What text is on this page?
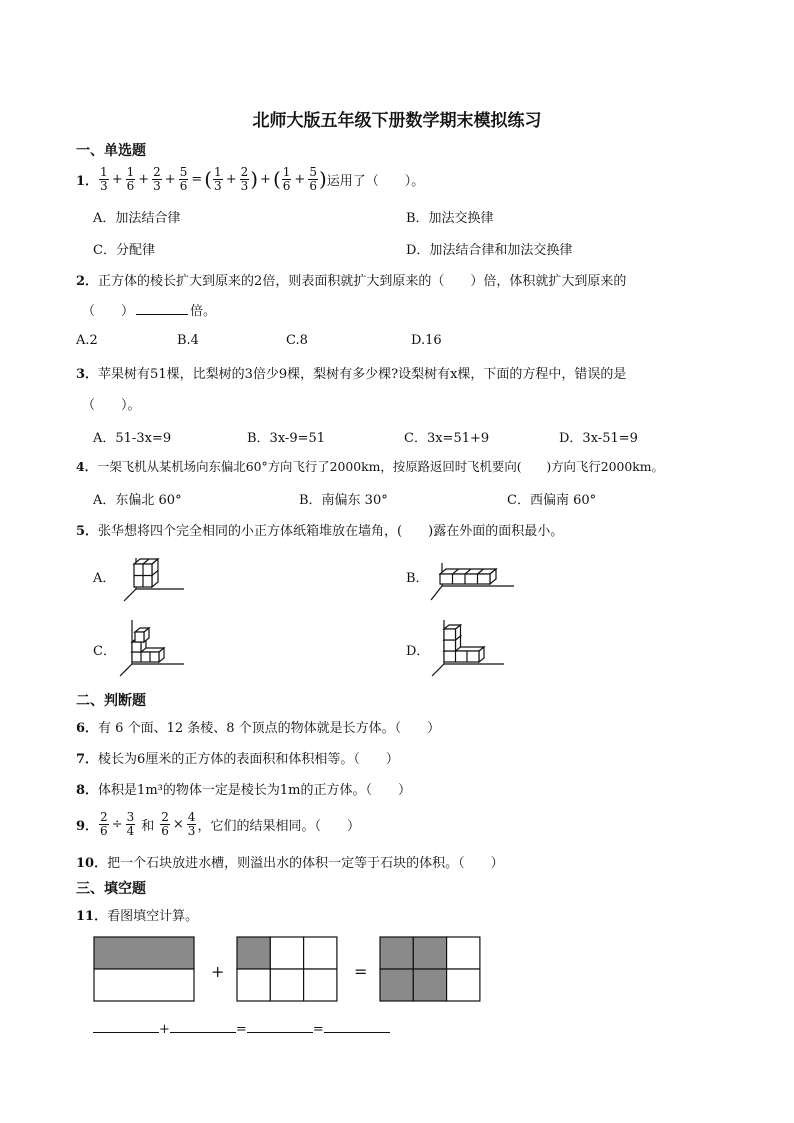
北师大版五年级下册数学期末模拟练习
一、单选题
1． $\frac{1}{3} + \frac{1}{6} + \frac{2}{3} + \frac{5}{6}$ = ( $\frac{1}{3} + \frac{2}{3}$ ) + ( $\frac{1}{6} + \frac{5}{6}$ ) 运用了（　　）。
A．加法结合律	B．加法交换律
C．分配律	D．加法结合律和加法交换律
2．正方体的棱长扩大到原来的2倍，则表面积就扩大到原来的（　　）倍，体积就扩大到原来的
（　　）	倍。
A.2	B.4	C.8	D.16
3．苹果树有51棵，比梨树的3倍少9棵，梨树有多少棵?设梨树有x棵，下面的方程中，错误的是
（　　）。
A．51-3x=9	B．3x-9=51	C．3x=51+9	D．3x-51=9
4．一架飞机从某机场向东偏北60°方向飞行了2000km，按原路返回时飞机要向(　　)方向飞行2000km。
A．东偏北 60°	B．南偏东 30°	C．西偏南 60°
5．张华想将四个完全相同的小正方体纸箱堆放在墙角，(　　)露在外面的面积最小。
A．	B．
C．	D．
二、判断题
6．有 6 个面、12 条棱、8 个顶点的物体就是长方体。（　　）
7．棱长为6厘米的正方体的表面积和体积相等。（　　）
8．体积是1m³的物体一定是棱长为1m的正方体。（　　）
9． $\frac{2}{6} \div \frac{3}{4}$ 和 $\frac{2}{6} \times \frac{4}{3}$ ，它们的结果相同。（　　）
10．把一个石块放进水槽，则溢出水的体积一定等于石块的体积。（　　）
三、填空题
11．看图填空计算。
+	=
+	=	=
